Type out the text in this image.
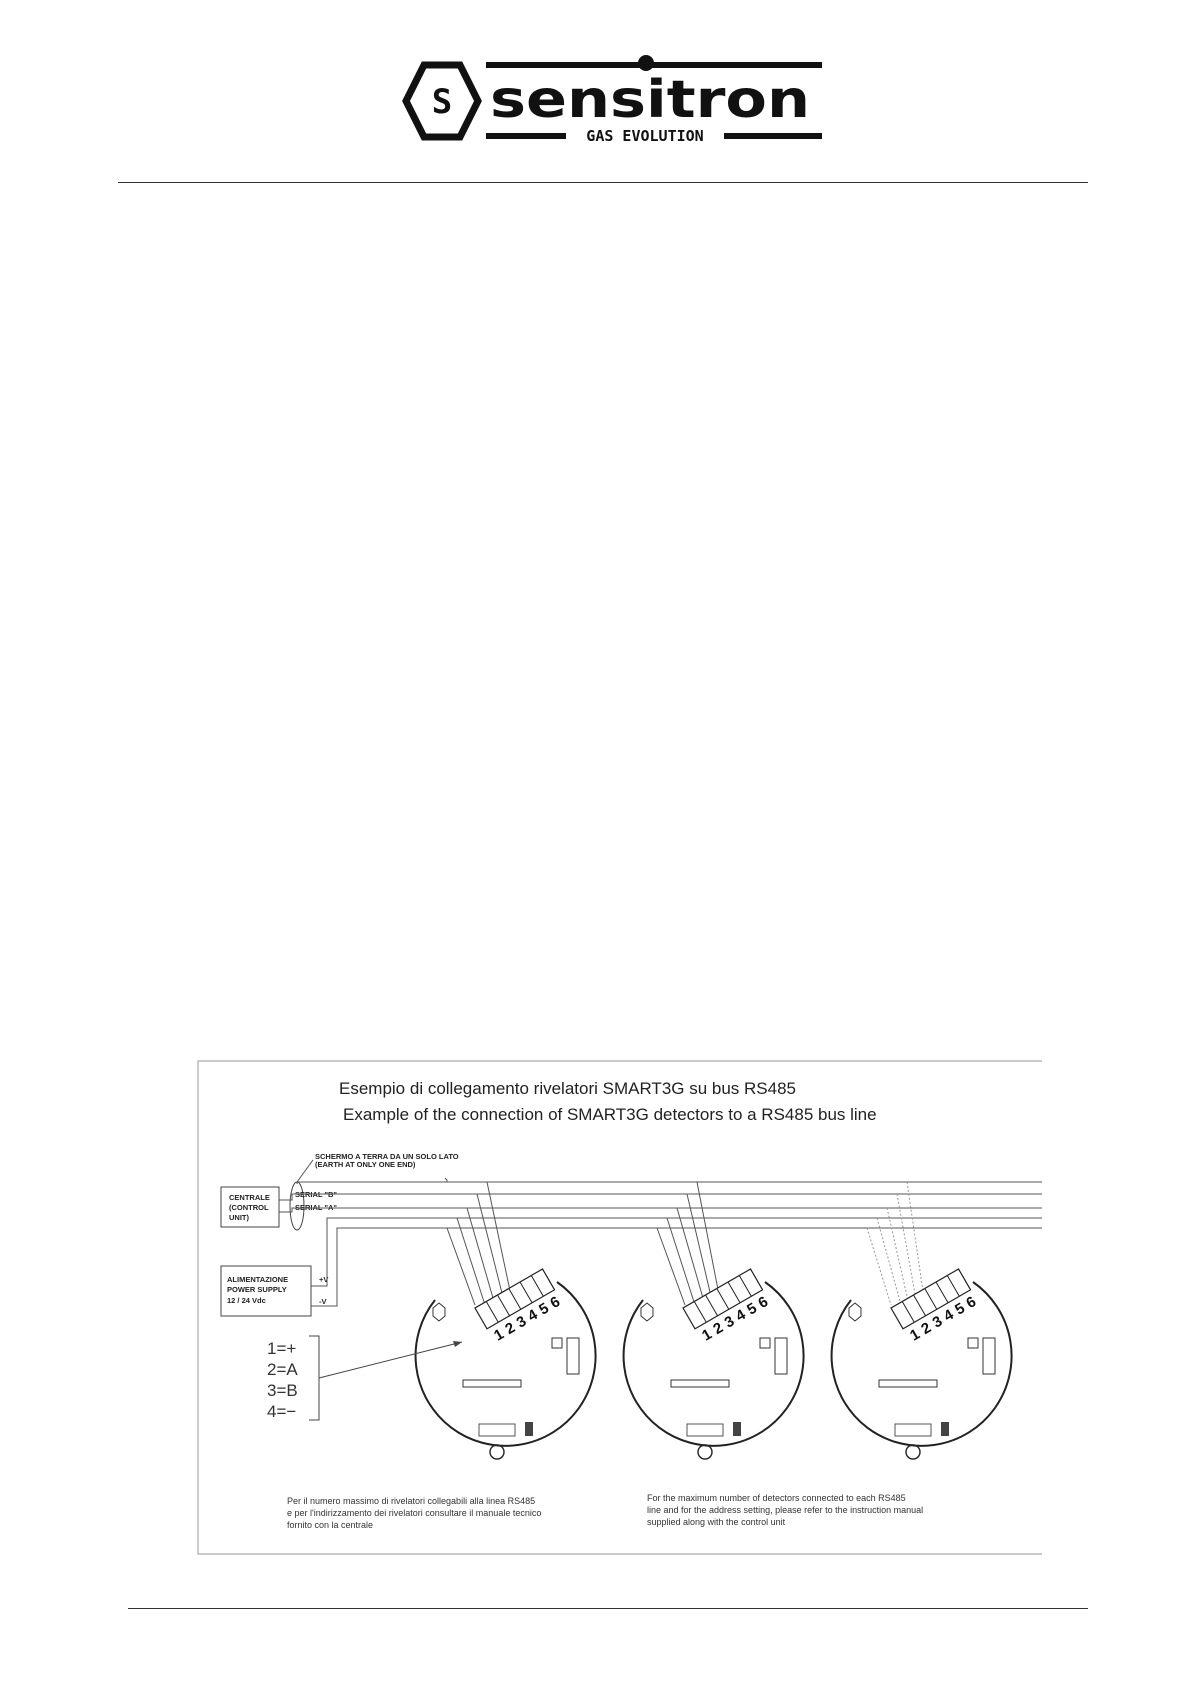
S sensitron
GAS EVOLUTION
Esempio di collegamento rivelatori SMART3G su bus RS485
Example of the connection of SMART3G detectors to a RS485 bus line
SCHERMO A TERRA DA UN SOLO LATO
(EARTH AT ONLY ONE END)
CENTRALE
(CONTROL
UNIT)
SERIAL "B"
SERIAL "A"
ALIMENTAZIONE
POWER SUPPLY
12 / 24 Vdc
+V
-V
1
2
3
4
5
6
1
2
3
4
5
6
1
2
3
4
5
6
1=+
2=A
3=B
4=−
Per il numero massimo di rivelatori collegabili alla linea RS485
e per l'indirizzamento dei rivelatori consultare il manuale tecnico
fornito con la centrale
For the maximum number of detectors connected to each RS485
line and for the address setting, please refer to the instruction manual
supplied along with the control unit
